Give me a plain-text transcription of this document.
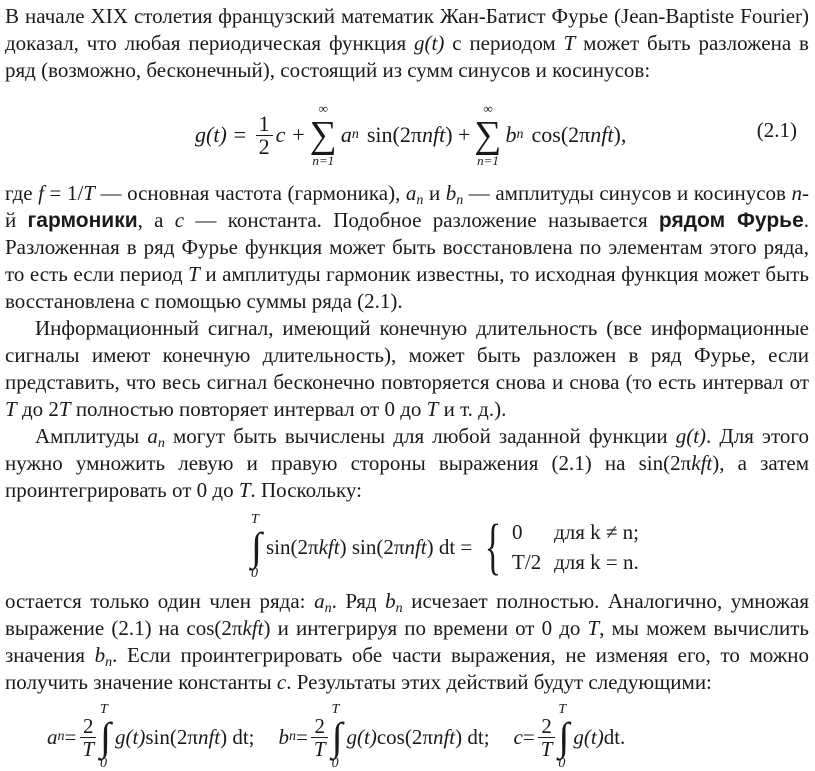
В начале XIX столетия французский математик Жан-Батист Фурье (Jean-Baptiste Fourier) доказал, что любая периодическая функция g(t) с периодом T может быть разложена в ряд (возможно, бесконечный), состоящий из сумм синусов и косинусов:

g(t) =
$\frac{1}{2}$ c +
∞
∑
n=1
a n sin(2π nft ) +
∞
∑
n=1
b n cos(2π nft ),	(2.1)

где f = 1/T — основная частота (гармоника), $a_n$ и $b_n$ — амплитуды синусов и косинусов n-й гармоники, а c — константа. Подобное разложение называется рядом Фурье. Разложенная в ряд Фурье функция может быть восстановлена по элементам этого ряда, то есть если период T и амплитуды гармоник известны, то исходная функция может быть восстановлена с помощью суммы ряда (2.1).

Информационный сигнал, имеющий конечную длительность (все информационные сигналы имеют конечную длительность), может быть разложен в ряд Фурье, если представить, что весь сигнал бесконечно повторяется снова и снова (то есть интервал от T до 2T полностью повторяет интервал от 0 до T и т. д.).

Амплитуды $a_n$ могут быть вычислены для любой заданной функции g(t). Для этого нужно умножить левую и правую стороны выражения (2.1) на sin(2πkft), а затем проинтегрировать от 0 до T. Поскольку:

T
∫
0
sin(2π kft ) sin(2π nft ) dt = { 0 для k ≠ n;
T/2 для k = n.

остается только один член ряда: $a_n$. Ряд $b_n$ исчезает полностью. Аналогично, умножая выражение (2.1) на cos(2πkft) и интегрируя по времени от 0 до T, мы можем вычислить значения $b_n$. Если проинтегрировать обе части выражения, не изменяя его, то можно получить значение константы c. Результаты этих действий будут следующими:

a $n = \frac{2}{T}$
T
∫
0
g(t) sin(2π nft ) dt; b $n = \frac{2}{T}$
T
∫
0
g(t) cos(2π nft ) dt; $c = \frac{2}{T}$
T
∫
0
g(t) dt.
